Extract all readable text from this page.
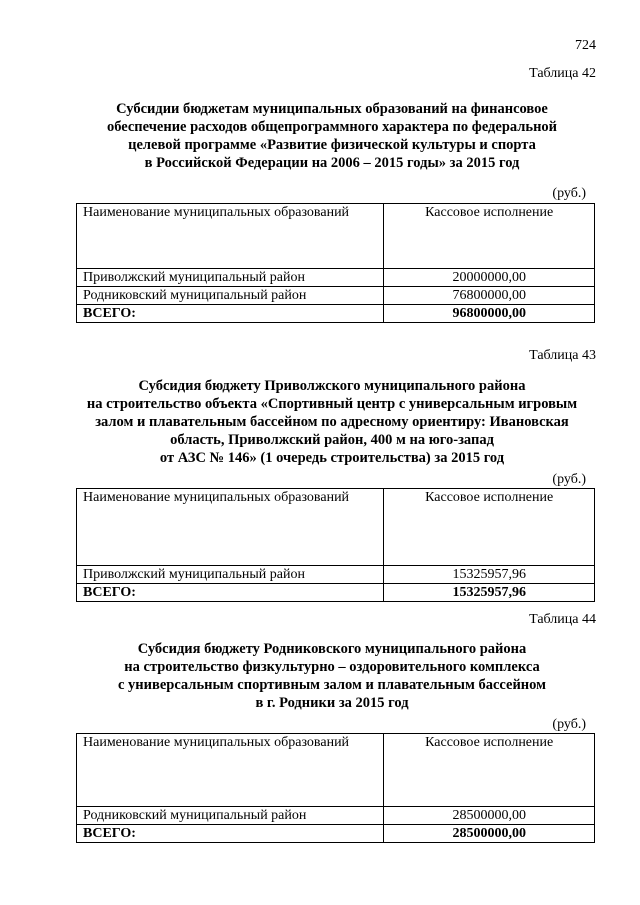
724
Таблица 42
Субсидии бюджетам муниципальных образований на финансовое
обеспечение расходов общепрограммного характера по федеральной
целевой программе «Развитие физической культуры и спорта
в Российской Федерации на 2006 – 2015 годы» за 2015 год
(руб.)
Наименование муниципальных образований	Кассовое исполнение
Приволжский муниципальный район	20000000,00
Родниковский муниципальный район	76800000,00
ВСЕГО:	96800000,00
Таблица 43
Субсидия бюджету Приволжского муниципального района
на строительство объекта «Спортивный центр с универсальным игровым
залом и плавательным бассейном по адресному ориентиру: Ивановская
область, Приволжский район, 400 м на юго-запад
от АЗС № 146» (1 очередь строительства) за 2015 год
(руб.)
Наименование муниципальных образований	Кассовое исполнение
Приволжский муниципальный район	15325957,96
ВСЕГО:	15325957,96
Таблица 44
Субсидия бюджету Родниковского муниципального района
на строительство физкультурно – оздоровительного комплекса
с универсальным спортивным залом и плавательным бассейном
в г. Родники за 2015 год
(руб.)
Наименование муниципальных образований	Кассовое исполнение
Родниковский муниципальный район	28500000,00
ВСЕГО:	28500000,00
